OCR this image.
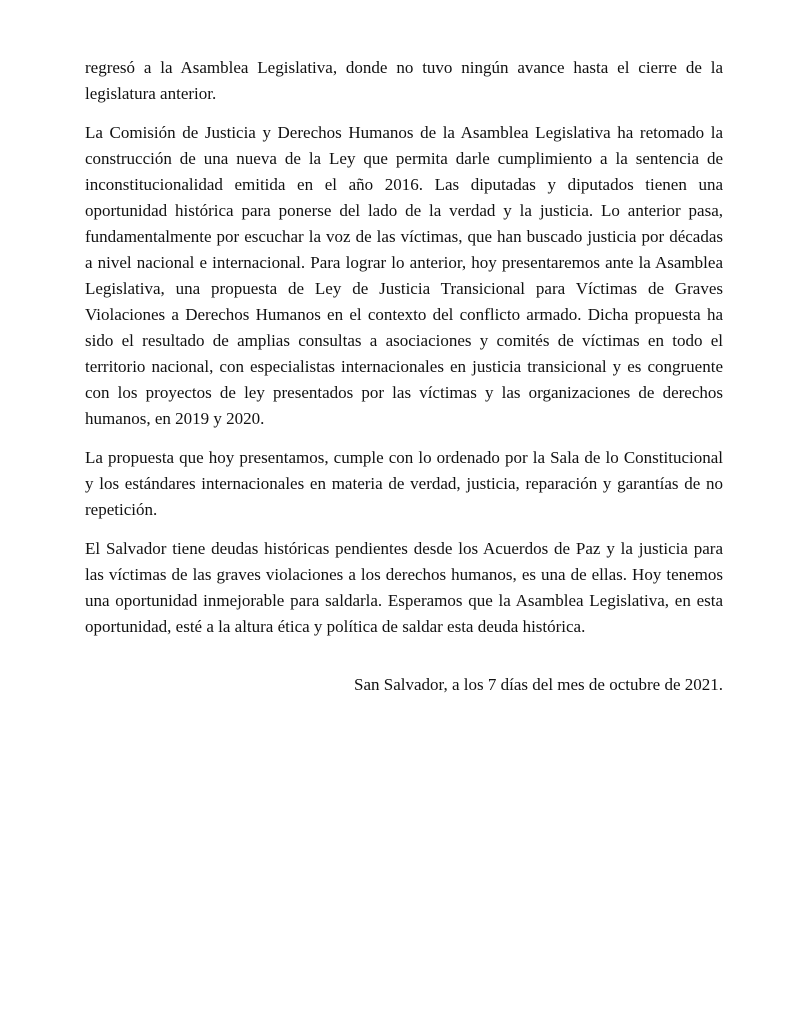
regresó a la Asamblea Legislativa, donde no tuvo ningún avance hasta el cierre de la legislatura anterior.

La Comisión de Justicia y Derechos Humanos de la Asamblea Legislativa ha retomado la construcción de una nueva de la Ley que permita darle cumplimiento a la sentencia de inconstitucionalidad emitida en el año 2016. Las diputadas y diputados tienen una oportunidad histórica para ponerse del lado de la verdad y la justicia. Lo anterior pasa, fundamentalmente por escuchar la voz de las víctimas, que han buscado justicia por décadas a nivel nacional e internacional. Para lograr lo anterior, hoy presentaremos ante la Asamblea Legislativa, una propuesta de Ley de Justicia Transicional para Víctimas de Graves Violaciones a Derechos Humanos en el contexto del conflicto armado. Dicha propuesta ha sido el resultado de amplias consultas a asociaciones y comités de víctimas en todo el territorio nacional, con especialistas internacionales en justicia transicional y es congruente con los proyectos de ley presentados por las víctimas y las organizaciones de derechos humanos, en 2019 y 2020.

La propuesta que hoy presentamos, cumple con lo ordenado por la Sala de lo Constitucional y los estándares internacionales en materia de verdad, justicia, reparación y garantías de no repetición.

El Salvador tiene deudas históricas pendientes desde los Acuerdos de Paz y la justicia para las víctimas de las graves violaciones a los derechos humanos, es una de ellas. Hoy tenemos una oportunidad inmejorable para saldarla. Esperamos que la Asamblea Legislativa, en esta oportunidad, esté a la altura ética y política de saldar esta deuda histórica.

San Salvador, a los 7 días del mes de octubre de 2021.
